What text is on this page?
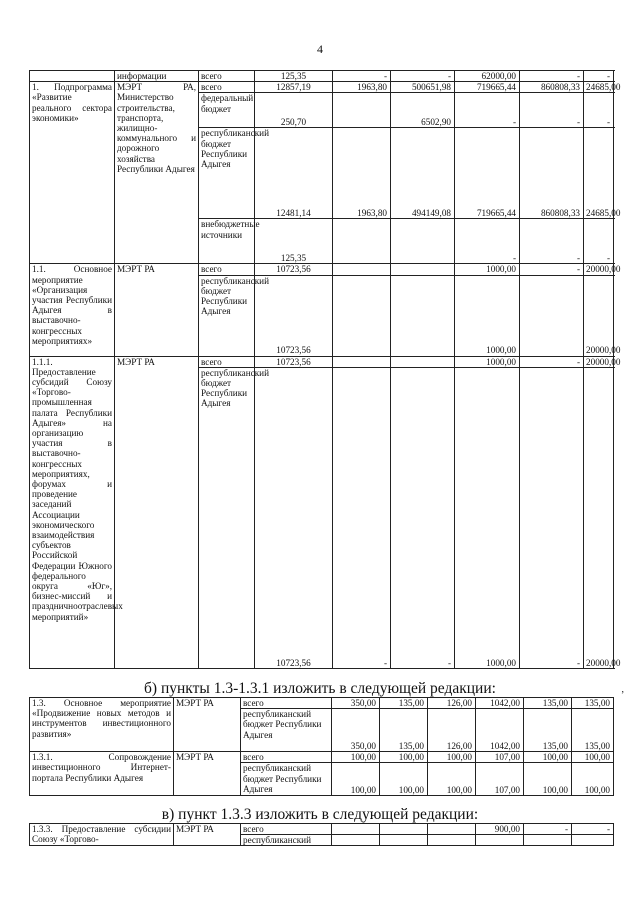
4
	информации	всего	125,35	-	-	62000,00	-	-
1. Подпрограмма «Развитие реального сектора экономики»	МЭРТ РА, Министерство строительства, транспорта, жилищно-коммунального и дорожного хозяйства Республики Адыгея	всего	12857,19	1963,80	500651,98	719665,44	860808,33	24685,00
		федеральный бюджет	250,70		6502,90	-	-	-
		республиканский бюджет Республики Адыгея	12481,14	1963,80	494149,08	719665,44	860808,33	24685,00
		внебюджетные источники	125,35			-	-	-
1.1. Основное мероприятие «Организация участия Республики Адыгея в выставочно-конгрессных мероприятиях»	МЭРТ РА	всего	10723,56			1000,00	-	20000,00
		республиканский бюджет Республики Адыгея	10723,56			1000,00		20000,00
1.1.1. Предоставление субсидий Союзу «Торгово-промышленная палата Республики Адыгея» на организацию участия в выставочно-конгрессных мероприятиях, форумах и проведение заседаний Ассоциации экономического взаимодействия субъектов Российской Федерации Южного федерального округа «Юг», бизнес-миссий и праздничноотраслевых мероприятий»	МЭРТ РА	всего	10723,56			1000,00	-	20000,00
		республиканский бюджет Республики Адыгея	10723,56	-	-	1000,00	-	20000,00
б) пункты 1.3-1.3.1 изложить в следующей редакции:
1.3. Основное мероприятие «Продвижение новых методов и инструментов инвестиционного развития»	МЭРТ РА	всего	350,00	135,00	126,00	1042,00	135,00	135,00
		республиканский бюджет Республики Адыгея	350,00	135,00	126,00	1042,00	135,00	135,00
1.3.1. Сопровождение инвестиционного Интернет-портала Республики Адыгея	МЭРТ РА	всего	100,00	100,00	100,00	107,00	100,00	100,00
		республиканский бюджет Республики Адыгея	100,00	100,00	100,00	107,00	100,00	100,00
в) пункт 1.3.3 изложить в следующей редакции:
1.3.3. Предоставление субсидии Союзу «Торгово-	МЭРТ РА	всего				900,00	-	-
		республиканский						
ʼ
